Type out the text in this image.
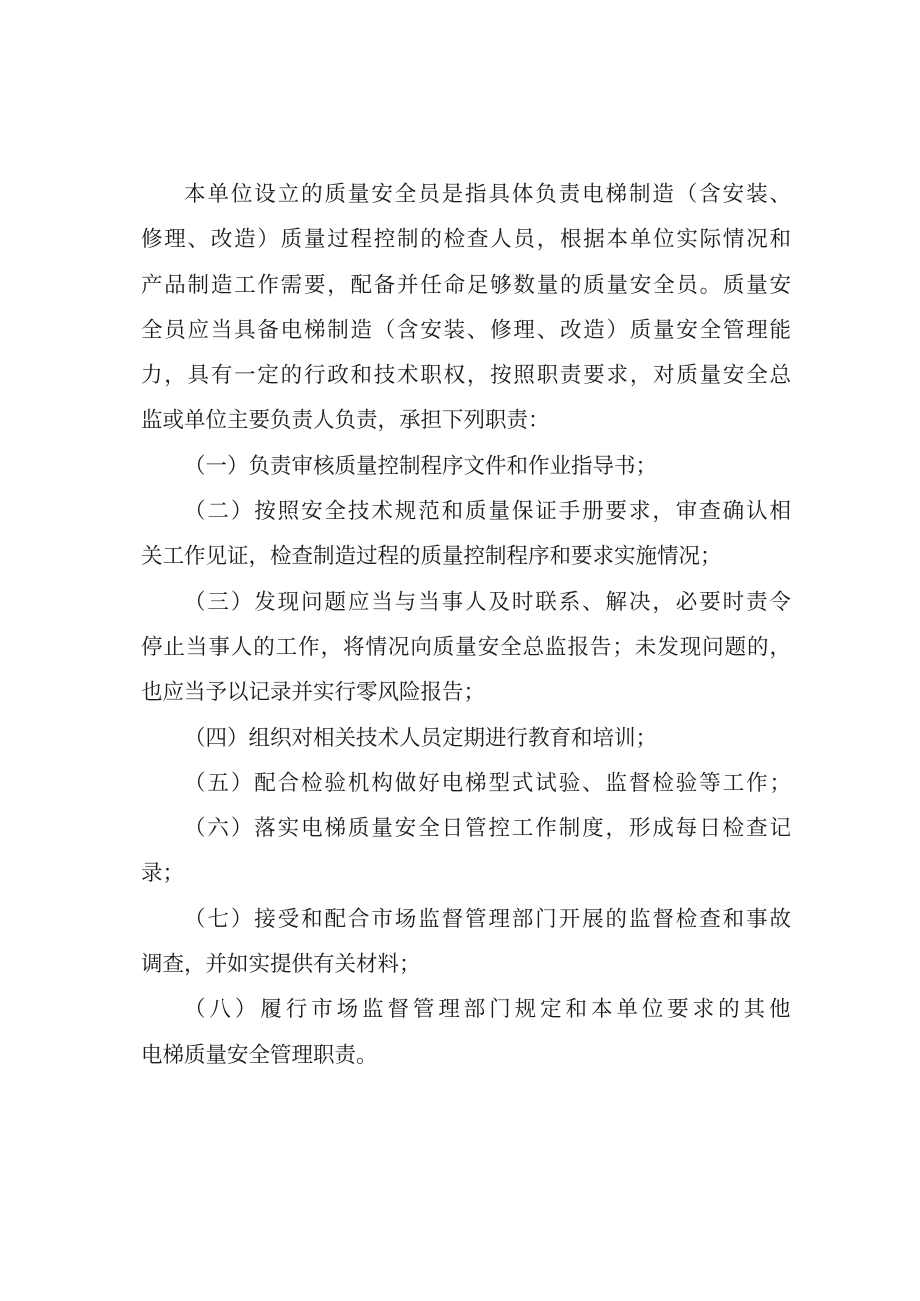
本单位设立的质量安全员是指具体负责电梯制造（含安装、
修理、改造）质量过程控制的检查人员，根据本单位实际情况和
产品制造工作需要，配备并任命足够数量的质量安全员。质量安
全员应当具备电梯制造（含安装、修理、改造）质量安全管理能
力，具有一定的行政和技术职权，按照职责要求，对质量安全总
监或单位主要负责人负责，承担下列职责：
（一）负责审核质量控制程序文件和作业指导书；
（二）按照安全技术规范和质量保证手册要求，审查确认相
关工作见证，检查制造过程的质量控制程序和要求实施情况；
（三）发现问题应当与当事人及时联系、解决，必要时责令
停止当事人的工作，将情况向质量安全总监报告；未发现问题的，
也应当予以记录并实行零风险报告；
（四）组织对相关技术人员定期进行教育和培训；
（五）配合检验机构做好电梯型式试验、监督检验等工作；
（六）落实电梯质量安全日管控工作制度，形成每日检查记
录；
（七）接受和配合市场监督管理部门开展的监督检查和事故
调查，并如实提供有关材料；
（八）履行市场监督管理部门规定和本单位要求的其他
电梯质量安全管理职责。
